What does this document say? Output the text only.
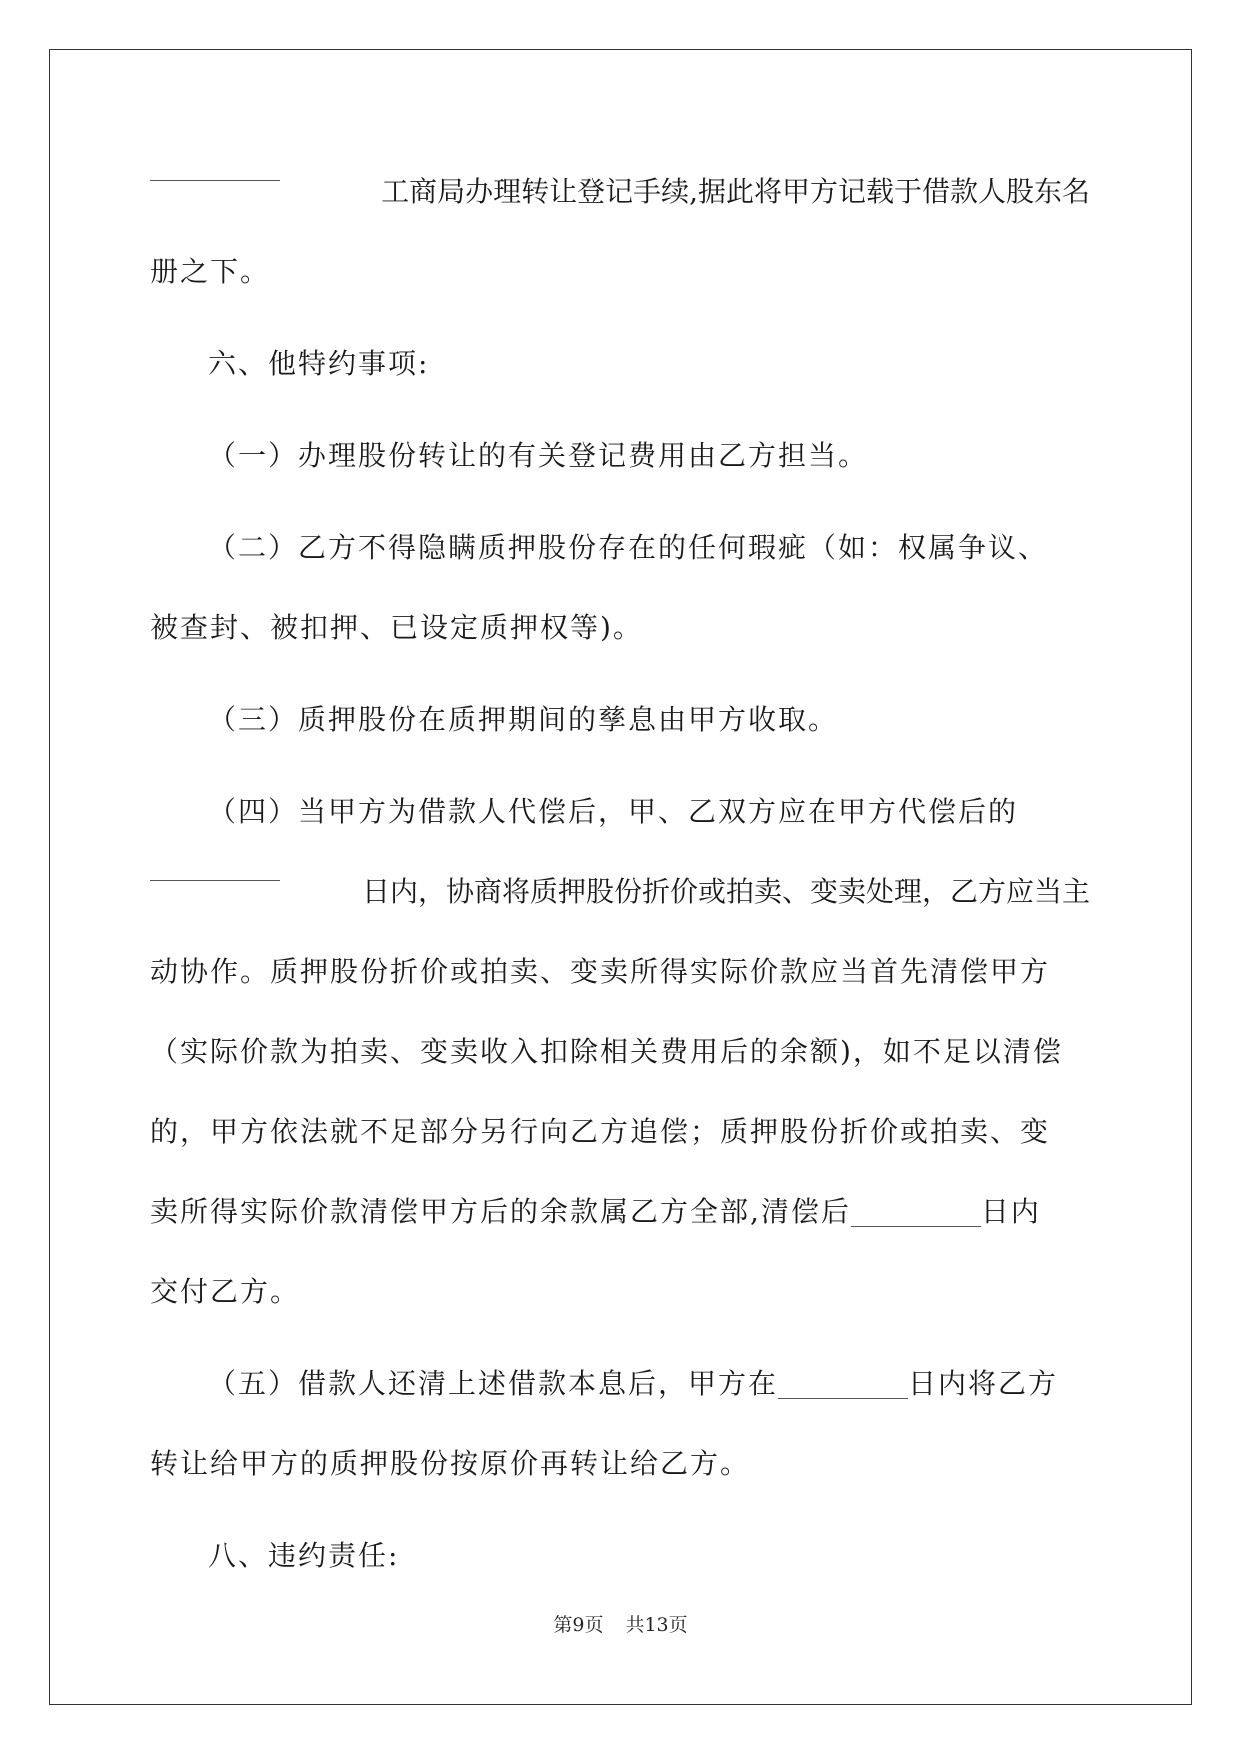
工商局办理转让登记手续,据此将甲方记载于借款人股东名
册之下。
六、他特约事项:
（一）办理股份转让的有关登记费用由乙方担当。
（二）乙方不得隐瞒质押股份存在的任何瑕疵（如：权属争议、
被查封、被扣押、已设定质押权等)。
（三）质押股份在质押期间的孳息由甲方收取。
（四）当甲方为借款人代偿后，甲、乙双方应在甲方代偿后的
日内，协商将质押股份折价或拍卖、变卖处理，乙方应当主
动协作。质押股份折价或拍卖、变卖所得实际价款应当首先清偿甲方
（实际价款为拍卖、变卖收入扣除相关费用后的余额)，如不足以清偿
的，甲方依法就不足部分另行向乙方追偿；质押股份折价或拍卖、变
卖所得实际价款清偿甲方后的余款属乙方全部,清偿后	日内
交付乙方。
（五）借款人还清上述借款本息后，甲方在	日内将乙方
转让给甲方的质押股份按原价再转让给乙方。
八、违约责任:
第9页 共13页
